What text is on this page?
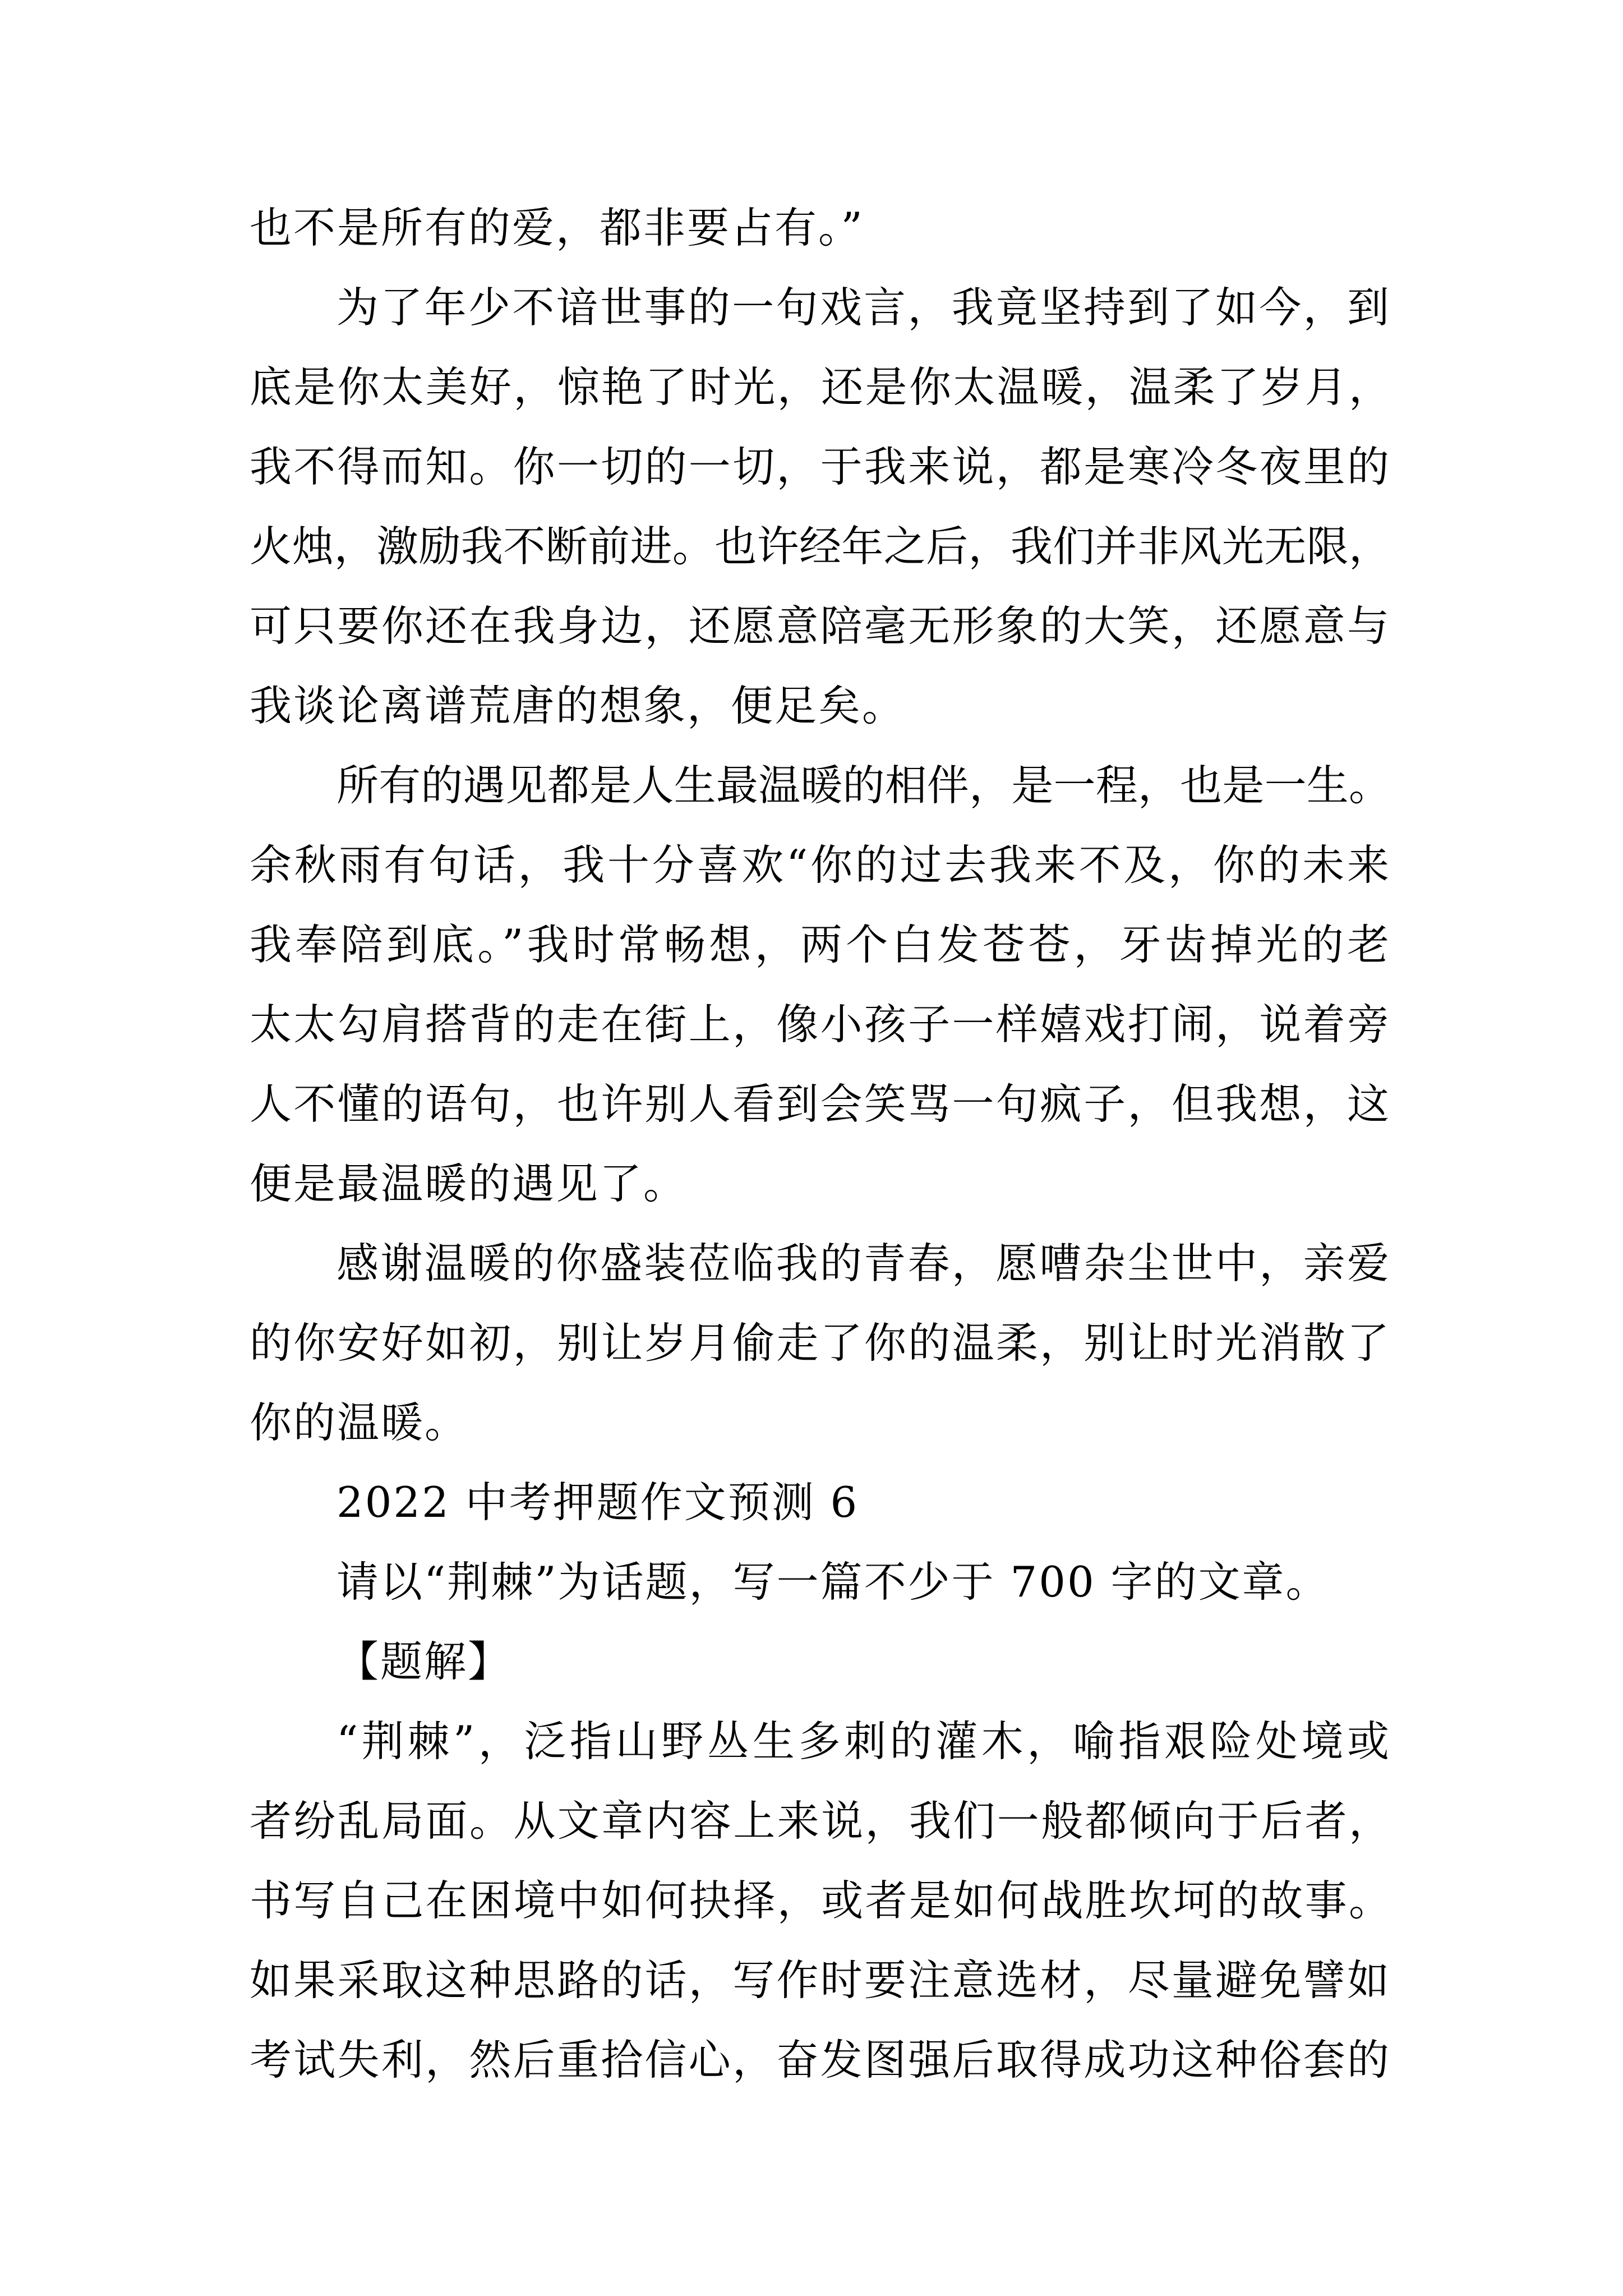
也不是所有的爱，都非要占有。”
为了年少不谙世事的一句戏言，我竟坚持到了如今，到
底是你太美好，惊艳了时光，还是你太温暖，温柔了岁月，
我不得而知。你一切的一切，于我来说，都是寒冷冬夜里的
火烛，激励我不断前进。也许经年之后，我们并非风光无限，
可只要你还在我身边，还愿意陪毫无形象的大笑，还愿意与
我谈论离谱荒唐的想象，便足矣。
所有的遇见都是人生最温暖的相伴，是一程，也是一生。
余秋雨有句话，我十分喜欢“你的过去我来不及，你的未来
我奉陪到底。”我时常畅想，两个白发苍苍，牙齿掉光的老
太太勾肩搭背的走在街上，像小孩子一样嬉戏打闹，说着旁
人不懂的语句，也许别人看到会笑骂一句疯子，但我想，这
便是最温暖的遇见了。
感谢温暖的你盛装莅临我的青春，愿嘈杂尘世中，亲爱
的你安好如初，别让岁月偷走了你的温柔，别让时光消散了
你的温暖。
2022 中考押题作文预测 6
请以“荆棘”为话题，写一篇不少于 700 字的文章。
【题解】
“荆棘”，泛指山野丛生多刺的灌木，喻指艰险处境或
者纷乱局面。从文章内容上来说，我们一般都倾向于后者，
书写自己在困境中如何抉择，或者是如何战胜坎坷的故事。
如果采取这种思路的话，写作时要注意选材，尽量避免譬如
考试失利，然后重拾信心，奋发图强后取得成功这种俗套的
